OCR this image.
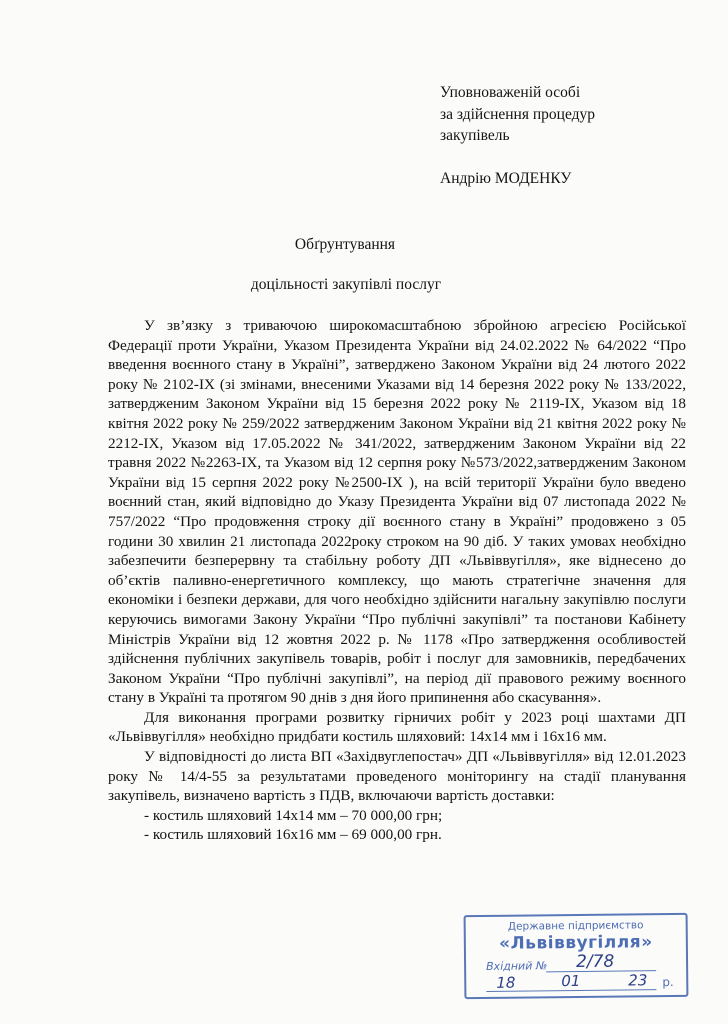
Уповноваженій особі
за здійснення процедур
закупівель
Андрію МОДЕНКУ
Обґрунтування
доцільності закупівлі послуг

У зв’язку з триваючою широкомасштабною збройною агресією Російської Федерації проти України, Указом Президента України від 24.02.2022 № 64/2022 “Про введення воєнного стану в Україні”, затверджено Законом України від 24 лютого 2022 року № 2102-IX (зі змінами, внесеними Указами від 14 березня 2022 року № 133/2022, затвердженим Законом України від 15 березня 2022 року № 2119-IX, Указом від 18 квітня 2022 року № 259/2022 затвердженим Законом України від 21 квітня 2022 року № 2212-IX, Указом від 17.05.2022 № 341/2022, затвердженим Законом України від 22 травня 2022 №2263-IX, та Указом від 12 серпня року №573/2022,затвердженим Законом України від 15 серпня 2022 року №2500-IX ), на всій території України було введено воєнний стан, який відповідно до Указу Президента України від 07 листопада 2022 № 757/2022 “Про продовження строку дії воєнного стану в Україні” продовжено з 05 години 30 хвилин 21 листопада 2022року строком на 90 діб. У таких умовах необхідно забезпечити безперервну та стабільну роботу ДП «Львіввугілля», яке віднесено до об’єктів паливно-енергетичного комплексу, що мають стратегічне значення для економіки і безпеки держави, для чого необхідно здійснити нагальну закупівлю послуги керуючись вимогами Закону України “Про публічні закупівлі” та постанови Кабінету Міністрів України від 12 жовтня 2022 р. № 1178 «Про затвердження особливостей здійснення публічних закупівель товарів, робіт і послуг для замовників, передбачених Законом України “Про публічні закупівлі”, на період дії правового режиму воєнного стану в Україні та протягом 90 днів з дня його припинення або скасування».

Для виконання програми розвитку гірничих робіт у 2023 році шахтами ДП «Львіввугілля» необхідно придбати костиль шляховий: 14х14 мм і 16х16 мм.

У відповідності до листа ВП «Західвуглепостач» ДП «Львіввугілля» від 12.01.2023 року № 14/4-55 за результатами проведеного моніторингу на стадії планування закупівель, визначено вартість з ПДВ, включаючи вартість доставки:

- костиль шляховий 14х14 мм – 70 000,00 грн;
- костиль шляховий 16х16 мм – 69 000,00 грн.
Державне підприємство
«Львіввугілля»
Вхідний № 2/78
18	01	23 р.
